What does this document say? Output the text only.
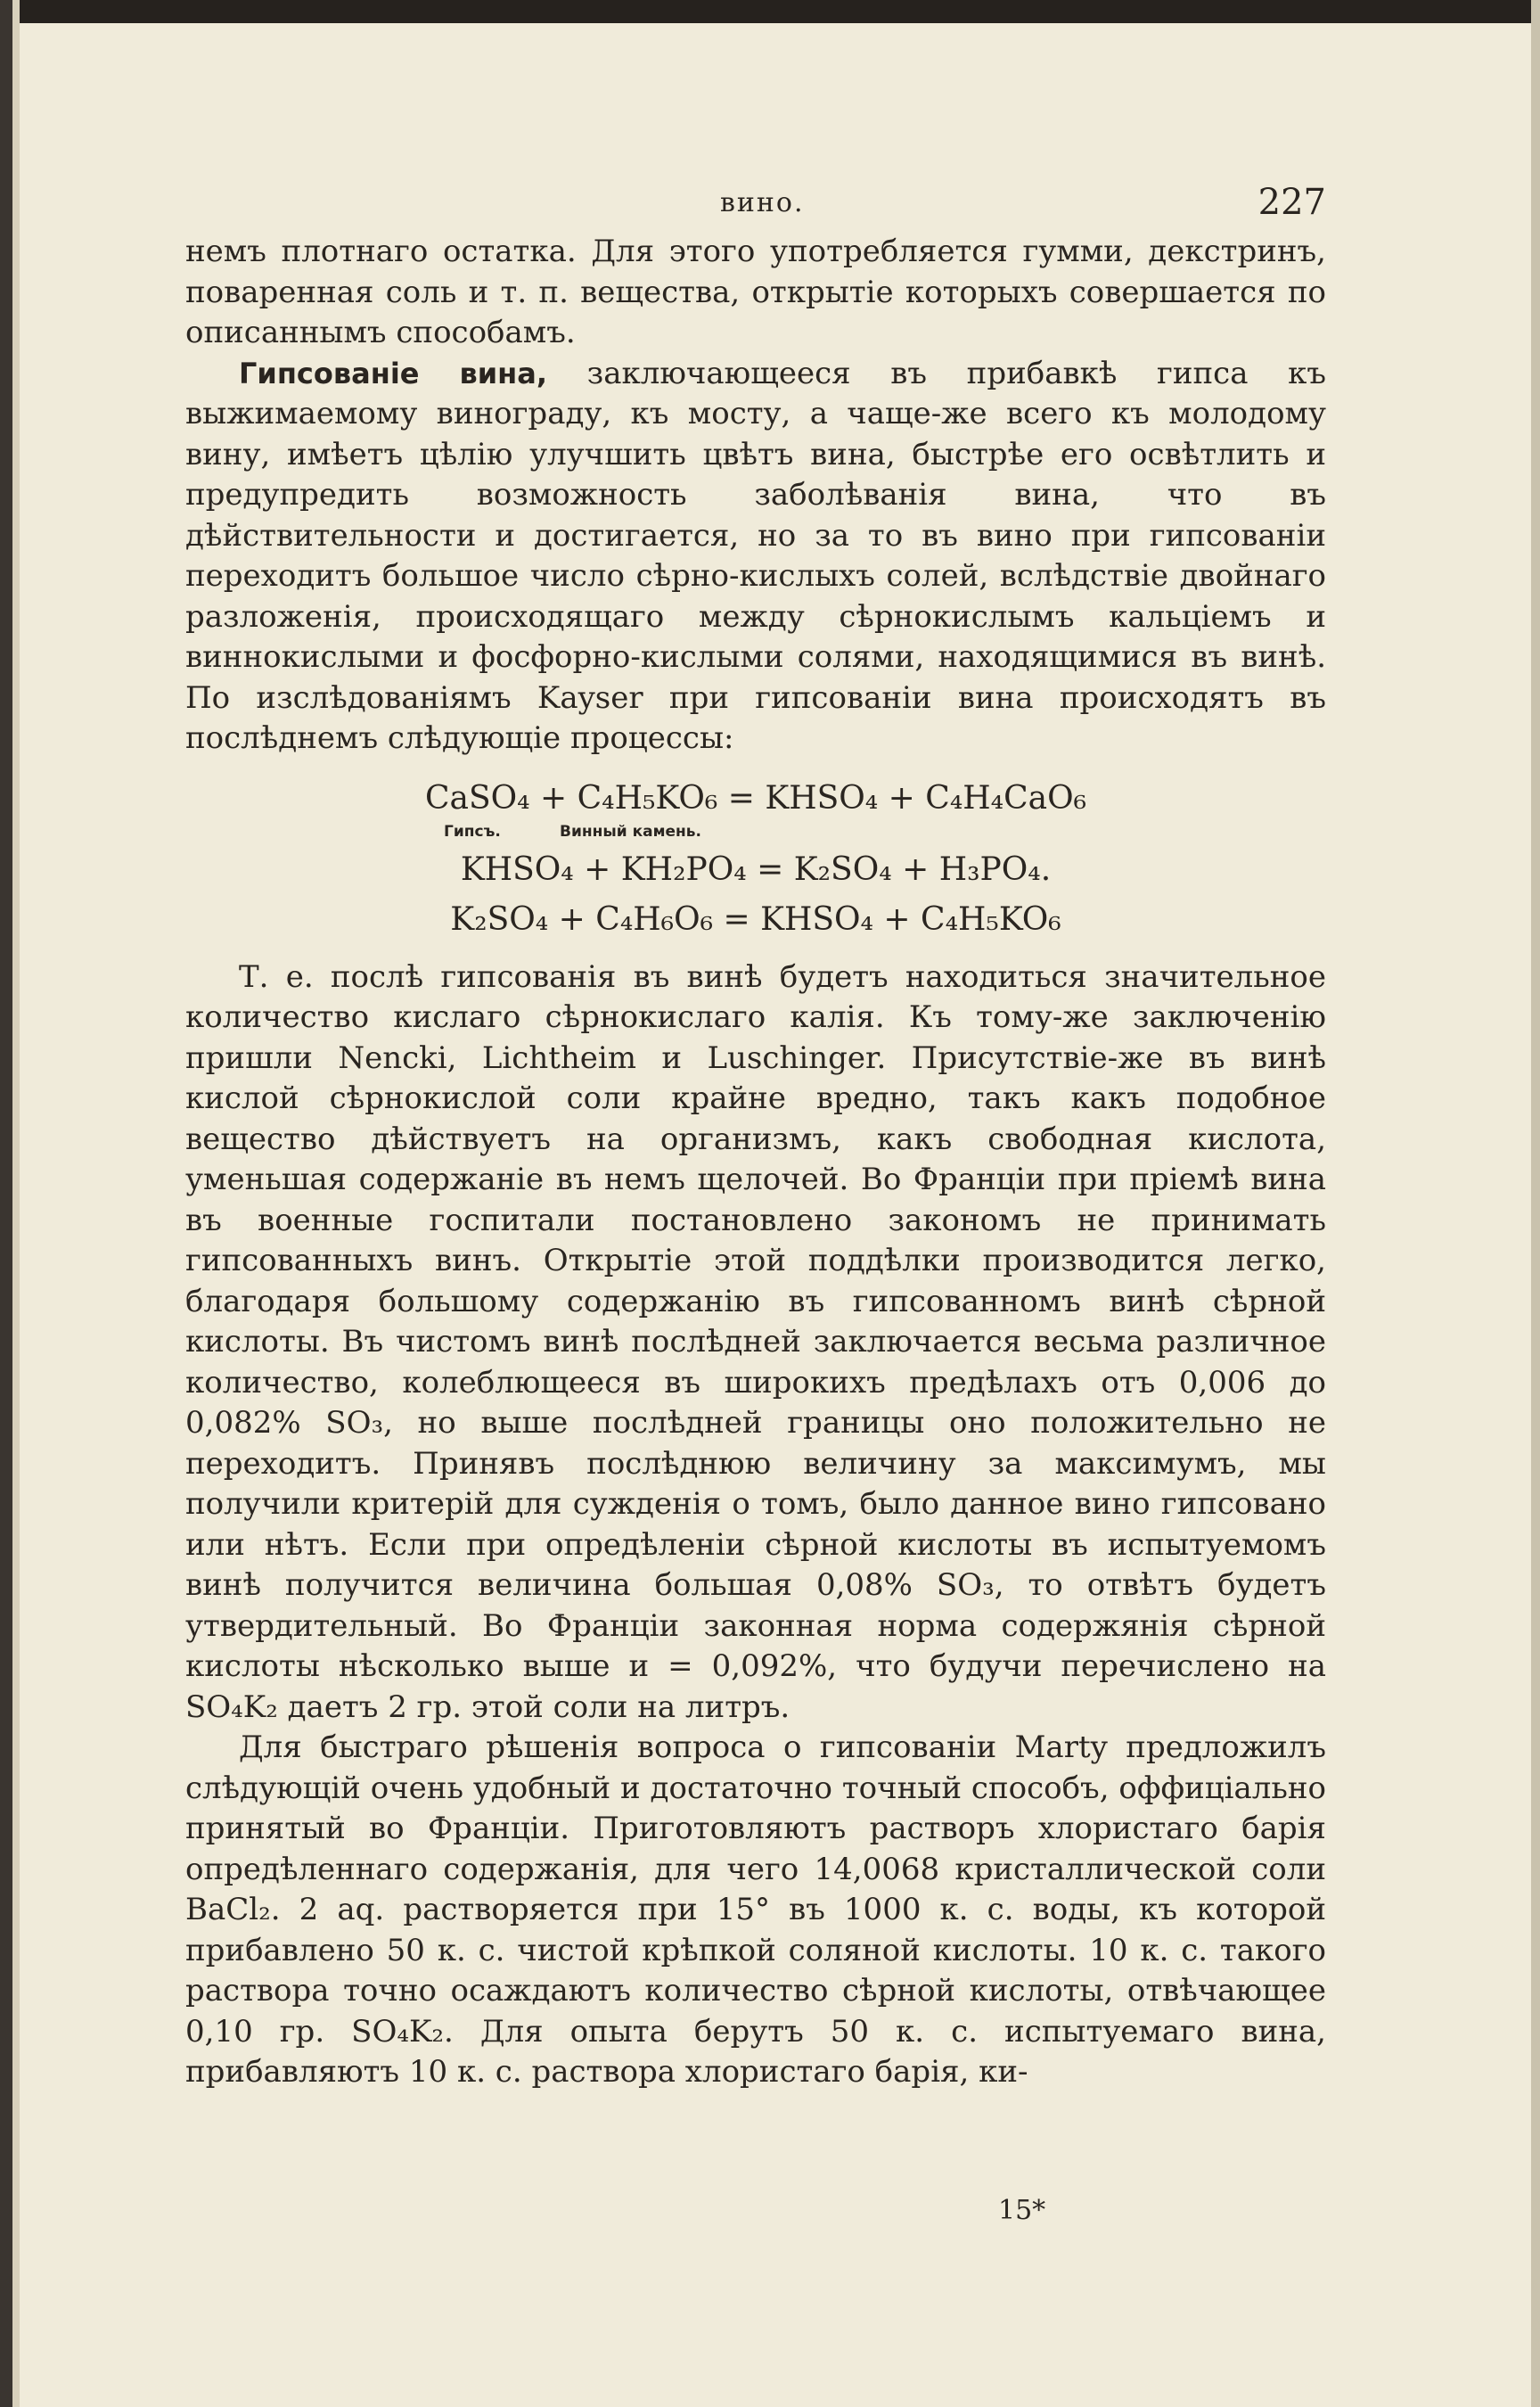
вино.	227

немъ плотнаго остатка. Для этого употребляется гумми, декстринъ, поваренная соль и т. п. вещества, открытіе которыхъ совершается по описаннымъ способамъ.

Гипсованіе вина, заключающееся въ прибавкѣ гипса къ выжимаемому винограду, къ мосту, а чаще-же всего къ молодому вину, имѣетъ цѣлію улучшить цвѣтъ вина, быстрѣе его освѣтлить и предупредить возможность заболѣванія вина, что въ дѣйствительности и достигается, но за то въ вино при гипсованіи переходитъ большое число сѣрно-кислыхъ солей, вслѣдствіе двойнаго разложенія, происходящаго между сѣрнокислымъ кальціемъ и виннокислыми и фосфорно-кислыми солями, находящимися въ винѣ. По изслѣдованіямъ Kayser при гипсованіи вина происходятъ въ послѣднемъ слѣдующіе процессы:

CaSO₄ + C₄H₅KO₆ = KHSO₄ + C₄H₄CaO₆
Гипсъ.	Винный камень.
KHSO₄ + KH₂PO₄ = K₂SO₄ + H₃PO₄.
K₂SO₄ + C₄H₆O₆ = KHSO₄ + C₄H₅KO₆

Т. е. послѣ гипсованія въ винѣ будетъ находиться значительное количество кислаго сѣрнокислаго калія. Къ тому-же заключенію пришли Nencki, Lichtheim и Luschinger. Присутствіе-же въ винѣ кислой сѣрнокислой соли крайне вредно, такъ какъ подобное вещество дѣйствуетъ на организмъ, какъ свободная кислота, уменьшая содержаніе въ немъ щелочей. Во Франціи при пріемѣ вина въ военные госпитали постановлено закономъ не принимать гипсованныхъ винъ. Открытіе этой поддѣлки производится легко, благодаря большому содержанію въ гипсованномъ винѣ сѣрной кислоты. Въ чистомъ винѣ послѣдней заключается весьма различное количество, колеблющееся въ широкихъ предѣлахъ отъ 0,006 до 0,082% SO₃, но выше послѣдней границы оно положительно не переходитъ. Принявъ послѣднюю величину за максимумъ, мы получили критерій для сужденія о томъ, было данное вино гипсовано или нѣтъ. Если при опредѣленіи сѣрной кислоты въ испытуемомъ винѣ получится величина большая 0,08% SO₃, то отвѣтъ будетъ утвердительный. Во Франціи законная норма содержянія сѣрной кислоты нѣсколько выше и = 0,092%, что будучи перечислено на SO₄K₂ даетъ 2 гр. этой соли на литръ.

Для быстраго рѣшенія вопроса о гипсованіи Marty предложилъ слѣдующій очень удобный и достаточно точный способъ, оффиціально принятый во Франціи. Приготовляютъ растворъ хлористаго барія опредѣленнаго содержанія, для чего 14,0068 кристаллической соли BaCl₂. 2 aq. растворяется при 15° въ 1000 к. с. воды, къ которой прибавлено 50 к. с. чистой крѣпкой соляной кислоты. 10 к. с. такого раствора точно осаждаютъ количество сѣрной кислоты, отвѣчающее 0,10 гр. SO₄K₂. Для опыта берутъ 50 к. с. испытуемаго вина, прибавляютъ 10 к. с. раствора хлористаго барія, ки-

15*
